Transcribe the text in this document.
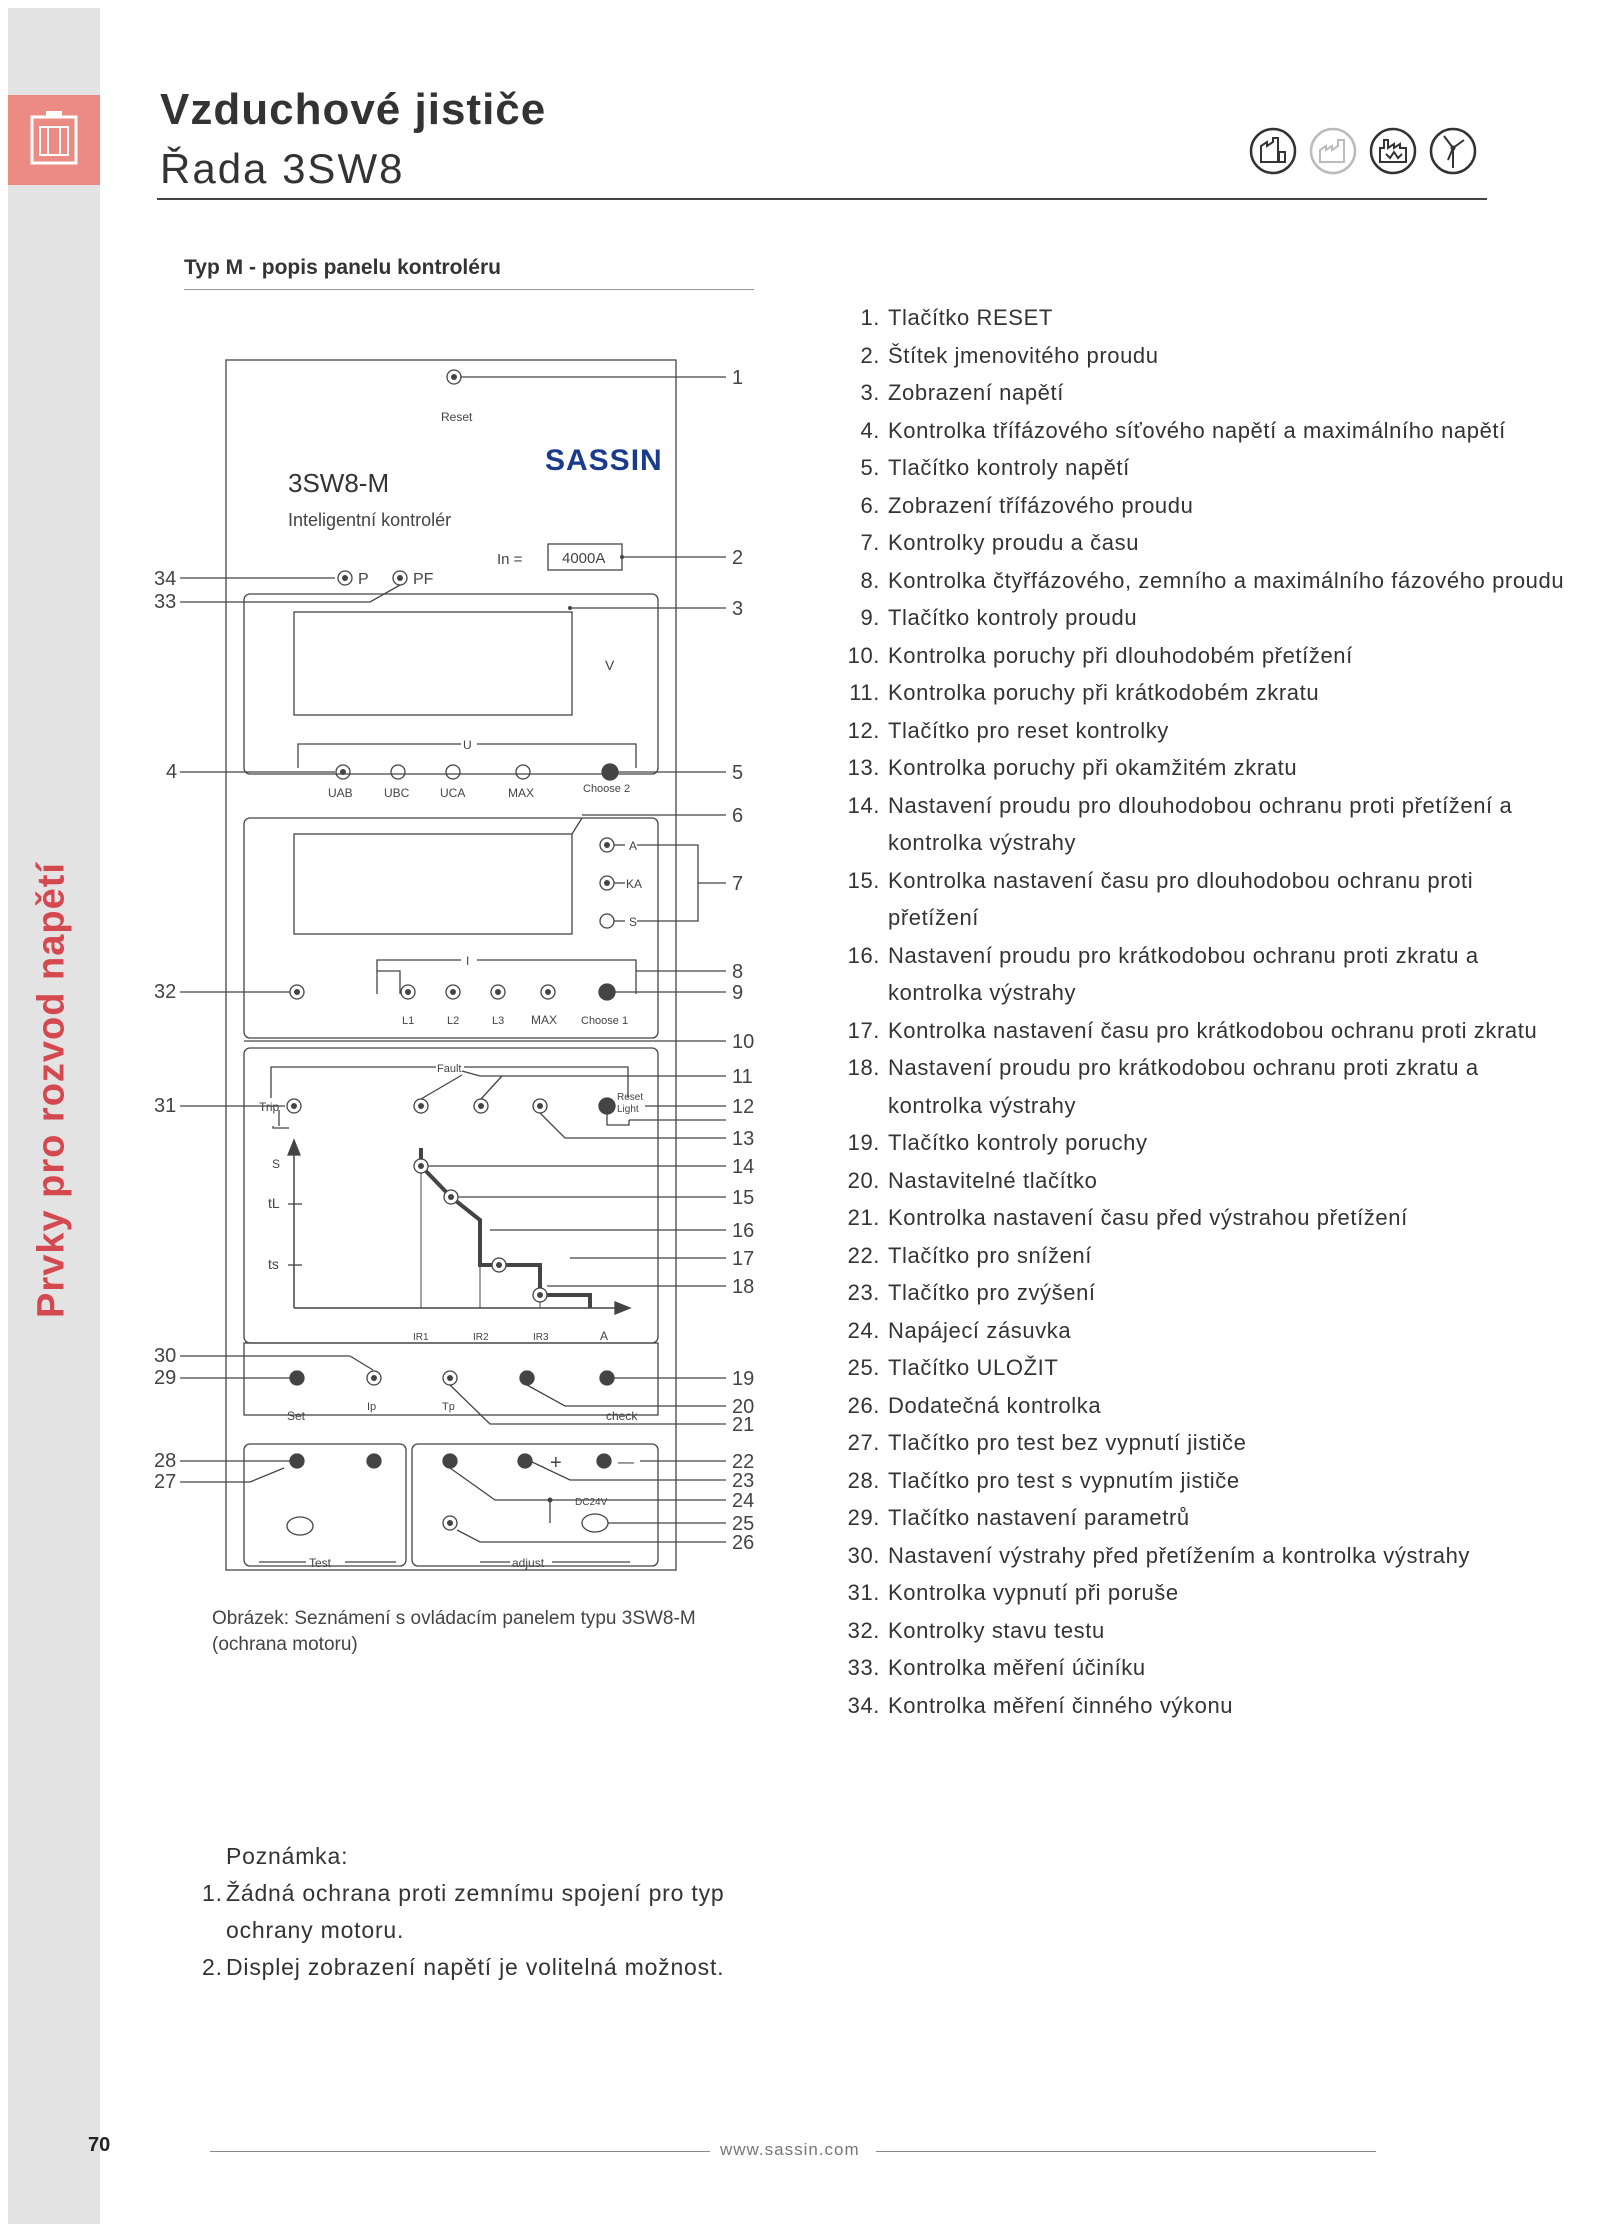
Prvky pro rozvod napětí
Vzduchové jističe
Řada 3SW8
Typ M - popis panelu kontroléru
Reset
SASSIN
3SW8-M
Inteligentní kontrolér
In =	4000A
P	PF
V
U
UAB	UBC	UCA	MAX	Choose 2
A
KA
S
I
L1	L2	L3 MAX Choose 1
Fault
Trip
Reset
Light
S
tL
ts
IR1	IR2	IR3	A
Set
Ip	Tp
check
Test
+	—
DC24V
adjust
34
33
4
32
31
30
29
28
27
1
2
3
5
6
7
8
9
10
11
12
13
14
15
16
17
18
19
20
21
22
23
24
25
26
Obrázek: Seznámení s ovládacím panelem typu 3SW8-M (ochrana motoru)
1. Tlačítko RESET
2. Štítek jmenovitého proudu
3. Zobrazení napětí
4. Kontrolka třífázového síťového napětí a maximálního napětí
5. Tlačítko kontroly napětí
6. Zobrazení třífázového proudu
7. Kontrolky proudu a času
8. Kontrolka čtyřfázového, zemního a maximálního fázového proudu
9. Tlačítko kontroly proudu
10. Kontrolka poruchy při dlouhodobém přetížení
11. Kontrolka poruchy při krátkodobém zkratu
12. Tlačítko pro reset kontrolky
13. Kontrolka poruchy při okamžitém zkratu
14. Nastavení proudu pro dlouhodobou ochranu proti přetížení a kontrolka výstrahy
15. Kontrolka nastavení času pro dlouhodobou ochranu proti přetížení
16. Nastavení proudu pro krátkodobou ochranu proti zkratu a kontrolka výstrahy
17. Kontrolka nastavení času pro krátkodobou ochranu proti zkratu
18. Nastavení proudu pro krátkodobou ochranu proti zkratu a kontrolka výstrahy
19. Tlačítko kontroly poruchy
20. Nastavitelné tlačítko
21. Kontrolka nastavení času před výstrahou přetížení
22. Tlačítko pro snížení
23. Tlačítko pro zvýšení
24. Napájecí zásuvka
25. Tlačítko ULOŽIT
26. Dodatečná kontrolka
27. Tlačítko pro test bez vypnutí jističe
28. Tlačítko pro test s vypnutím jističe
29. Tlačítko nastavení parametrů
30. Nastavení výstrahy před přetížením a kontrolka výstrahy
31. Kontrolka vypnutí při poruše
32. Kontrolky stavu testu
33. Kontrolka měření účiníku
34. Kontrolka měření činného výkonu
Poznámka:
1. Žádná ochrana proti zemnímu spojení pro typ ochrany motoru.
2. Displej zobrazení napětí je volitelná možnost.
70	www.sassin.com
